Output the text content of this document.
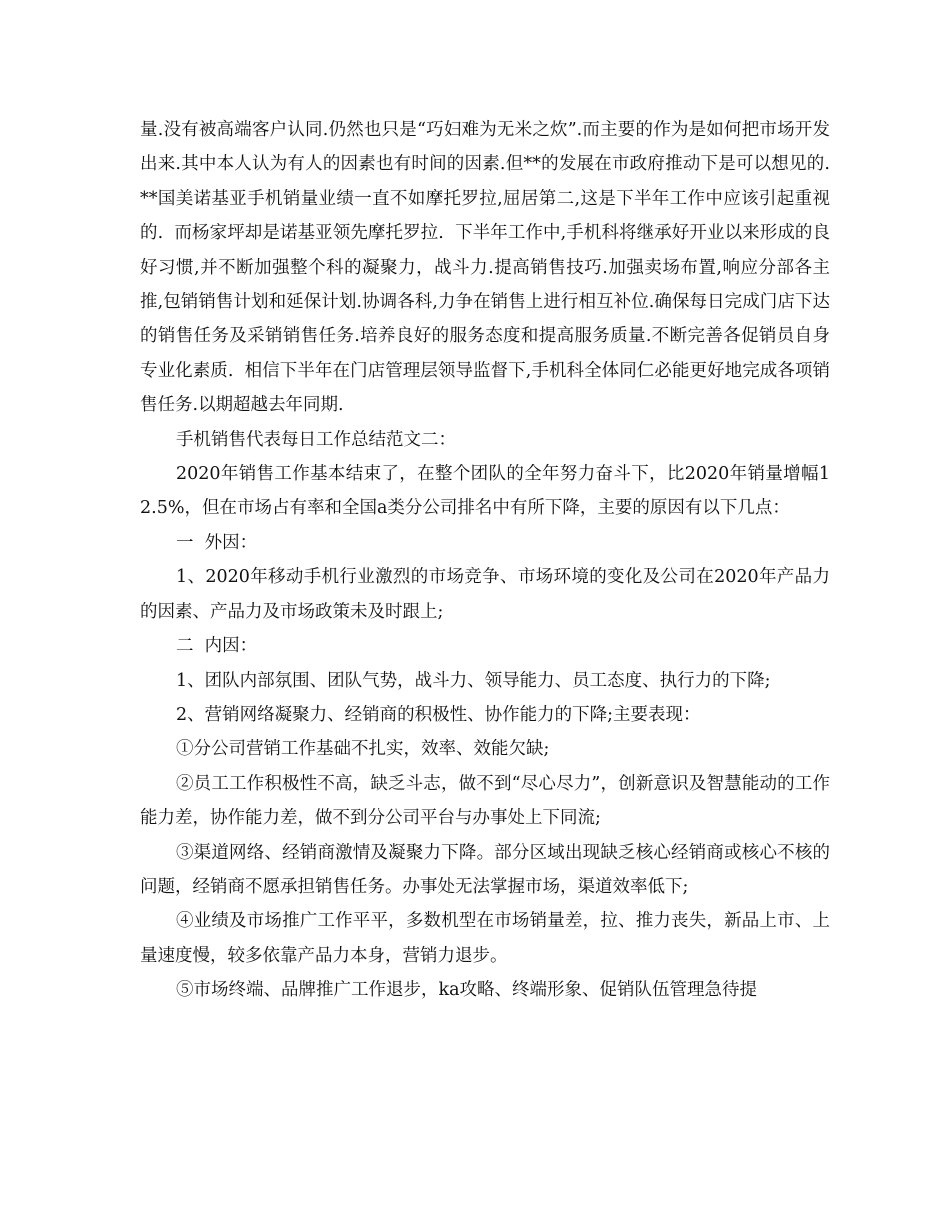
量.没有被高端客户认同.仍然也只是“巧妇难为无米之炊”.而主要的作为是如何把市场开发出来.其中本人认为有人的因素也有时间的因素.但**的发展在市政府推动下是可以想见的.  **国美诺基亚手机销量业绩一直不如摩托罗拉,屈居第二,这是下半年工作中应该引起重视的.  而杨家坪却是诺基亚领先摩托罗拉.  下半年工作中,手机科将继承好开业以来形成的良好习惯,并不断加强整个科的凝聚力，战斗力.提高销售技巧.加强卖场布置,响应分部各主推,包销销售计划和延保计划.协调各科,力争在销售上进行相互补位.确保每日完成门店下达的销售任务及采销销售任务.培养良好的服务态度和提高服务质量.不断完善各促销员自身专业化素质.  相信下半年在门店管理层领导监督下,手机科全体同仁必能更好地完成各项销售任务.以期超越去年同期.

手机销售代表每日工作总结范文二：

2020年销售工作基本结束了，在整个团队的全年努力奋斗下，比2020年销量增幅12.5%，但在市场占有率和全国a类分公司排名中有所下降，主要的原因有以下几点：

一  外因：

1、2020年移动手机行业激烈的市场竞争、市场环境的变化及公司在2020年产品力的因素、产品力及市场政策未及时跟上;

二  内因：

1、团队内部氛围、团队气势，战斗力、领导能力、员工态度、执行力的下降;

2、营销网络凝聚力、经销商的积极性、协作能力的下降;主要表现：

①分公司营销工作基础不扎实，效率、效能欠缺;

②员工工作积极性不高，缺乏斗志，做不到“尽心尽力”，创新意识及智慧能动的工作能力差，协作能力差，做不到分公司平台与办事处上下同流;

③渠道网络、经销商激情及凝聚力下降。部分区域出现缺乏核心经销商或核心不核的问题，经销商不愿承担销售任务。办事处无法掌握市场，渠道效率低下;

④业绩及市场推广工作平平，多数机型在市场销量差，拉、推力丧失，新品上市、上量速度慢，较多依靠产品力本身，营销力退步。

⑤市场终端、品牌推广工作退步，ka攻略、终端形象、促销队伍管理急待提
